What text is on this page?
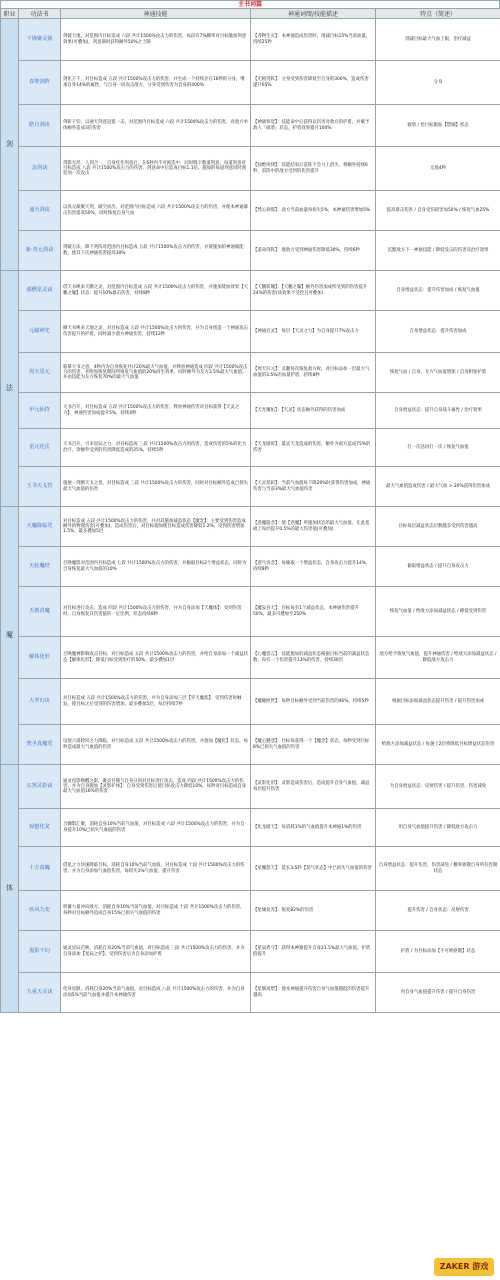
主书词篇
职业	功法书	神通技能	神通词缀/技能描述	特点（简述）
剑	千锋聚灵剑	剑破天地，对范围内目标造成 六段 共计1500%攻击力的伤害，每段有7%概率对目标施加剑意效果(可叠加)，剑意满时获得额外50%之上限	【齐物生灭】：本神通造成伤害时，削减目标15%当前血量，持续25秒	削减目标最大气血上限，治疗减益
	春黎剑阵	剑化万千，对目标造成 五段 共计1500%攻击力的伤害，并生成一个持续存在16秒的分身，继承自身14%的属性，与自身一同攻击敌方，分身受到伤害为自身的400%	【无极剑阵】：分身受到伤害降低至自身的300%，造成伤害提升65%	分身
	皓月剑诀	剑斩干钧，以通天剑意冠冕一击。对范围内目标造成 六段 共计1500%攻击力的伤害，对敌方单体额外造成3倍伤害	【神通惊觉】：技能命中后获得以伤害对敌方的护盾，并赋予敌人「破盾」状态，护盾效果提升100%	破盾 / 恰目标施加【禁锢】状态
	念剑诀	剑影无形，人剑合一，自身化作剑意后，在6秒内不可被选中，同时降下数道剑意，每道剑意对目标造成 八段 共计1500%攻击力的伤害，剑意命中后造成目标1.1倍。施加的每道剑意同时刻追加一次攻击	【仙绝风律】：技能结束后雷阵不会马上消失，将额外持续6秒，雷阵中的敌方受到的伤害提升	无敌4秒
	通天剑诀	以真元凝聚天剑，破空而出，对范围内目标造成 六段 共计1500%攻击力的伤害，并使本神通暴击伤害提高50%，同时恢复自身气血	【梵心刹那】：敌方当前血量每损失5%，本神通伤害增加5%	提高暴击伤害 / 自身受伤损害加50% / 恢复气血25%
	新·青元剑诀	剑破万法，降下剑阵对范围内目标造成 五段 共计1500%攻击力的伤害，并使施加的神通储能数，使其下次神通伤害提高30%	【道命剑阵】：使敌方受到神通伤害降低30%，持续6秒	沉默敌方下一神通技能 / 降低受击的伤害及治疗效果
法	惑燃星灵诀	借天书唤来天鹏之灵，对范围内目标造成 五段 共计1500%攻击力的伤害，并施加焚血效果【天鹏之喙】状态：提升10%暴击伤害，持续8秒	【天鹏斩魄】：【天鹏之喙】额外伤害加成所受到的伤害提升24%的伤害(该效果不受控且可叠加)	自身增益状态：提升伤害加成 / 恢复气血值
	元磁神光	操天书唤来天地之灵，对目标造成 五段 共计1500%攻击力的伤害，并为自身创造一个神通攻击伤害提升的护盾，同时减少敌方神通伤害，持续12秒	【神通启灵】：每层【天灵之力】为自身提升7%攻击力	自身增益状态：提升伤害加成
	周天星元	临摹天书之意，4秒内为自身恢复共计20%最大气血值，并释放神通造成 四段 共计1500%攻击力的伤害，并附加恢复期间所恢复气血值的20%回生效果，同时额外为友方3.5%最大气血值。并由技能为友方恢复70%的最大气血值	【周天归元】：灵翻每次恢复敌方时，对目标添加一层最大气血值的3.5%的血量护盾，持续8秒	恢复气血 / 自身、友方气血值增加 / 自身附加护盾
	甲元仙符	天书召开，对目标造成 五段 共计1500%攻击力的伤害，释放神通伤害对目标获得【天灵之力】，神通伤害加成提升5%，持续4秒	【天光覆佑】：【天灵】状态额外获得的伤害加成	自身增益状态：提升自身战斗属性 / 治疗效果
	星元化岳	天书召开，引来星辰之力，对目标造成 三段 共计1500%攻击力的伤害，造成伤害的5%转化为治疗，余额外受到的伤害降低造成的25%，持续5秒	【天龙破碎】：最灵天龙造成的伤害，额外为敌方造成75%的伤害	打一次送再打一次 / 恢复气血值
	玉书天戈符	施展一剑断天戈之意，对目标造成 三段 共计1500%攻击力的伤害，同时对目标额外造成已损失最大气血值的伤害	【天灵怒斩】：当前气血值每下降20%时获得伤害加成，神通伤害与当前3%最大气血值伤害	最大气血值造成伤害 / 最大气血 > 20%获得伤害加成
魔	天魔降临咒	对目标造成 五段 共计1500%攻击力的伤害，并对其施加减益状态【魔念】：主要受到伤害造成额外的物理伤害(可叠加)，造成伤害后，对目标施加使目标造成伤害降低1.2%，受到伤害增加1.5%，最多叠加5层	【惑魔隐念】：使【惑魔】所施加状态的最大气血值，在此基础上每层提升0.5%的最大伤害值(可叠加)	目标每层减益状态层数越多受到伤害越高
	天轮魔经	召唤魔影对范围内目标造成 七段 共计1500%攻击力的伤害，并偷取目标2个增益状态，同时为自身恢复最大气血值的10%	【惑气吞念】：每偷取一个增益状态，自身攻击力提升14%，持续8秒	偷取增益状态 / 提升自身攻击力
	天刹真魔	对目标进行攻击，造成 四段 共计1500%攻击力的伤害，并为自身添加【天魔体】：受到伤害时，自身恢复其伤害值的一定比例，状态持续8秒	【魔妄吞天】：目标每有1个减益状态，本神通伤害提升50%，最多可叠加至250%	恢复气血值 / 给敌方添加减益状态 / 降低受到伤害
	解体化形	召唤魔神影响攻击目标，对目标造成 五段 共计1500%攻击力的伤害，并给自身添加一个减益状态【解体化形】，降低目标受到治疗的50%，最多叠加1层	【心魔惑言】：技能施加的减益状态根据目标当前的减益状态数，每有一个伤害提升13%的伤害，持续30层	敌方给予恢复气血值，提升神通伤害 / 给敌方添加减益状态 / 降低敌方攻击力
	大罗幻诀	对目标造成 五段 共计1500%攻击力的伤害，并为自身添加三层【罗天魔焰】：受到伤害时触发，使目标之后受到的伤害增加，最多叠加5层，每层持续7秒	【魔瞳照世】：每秒目标额外受到当前伤害的46%，持续5秒	根据目标添加减益状态提升伤害 / 提升伤害加成
	梵圣真魔咒	设使六道轮回之力降临，对目标造成 五段 共计1500%攻击力的伤害，并施加【魔化】状态，每秒造成最大气血值的伤害	【魔心魅惑】：目标每获得一个【魔念】状态，每秒受到目标8%已损失气血值的伤害	给敌方添加减益状态 / 每盏上2层将降低目标增益状态伤害
体	玄煞灵影诀	通灵夜影唤醒之影，聚灵目随与自身分别对目标进行攻击，造成 四段 共计1500%攻击力的伤害，并为自身施加【灵影护体】：自身受到伤害后使目标攻击力降低10%，每秒对目标造成自身最大气血值16%的伤害	【灵影化形】：灵影造成伤害后，造成提升自身气血值，减益每层提升伤害	为自身增益状态：反射伤害 / 提升伤害，伤害减免
	惊蛰化龙	合骤影汇聚，消耗自身10%当前气血值，对目标造成 六段 共计1500%攻击力的伤害，并为自身提升10%已损失气血值的伤害	【化龙破天】：每消耗1%的气血值提升本神通1%的伤害	用自身气血值提升伤害 / 降低敌方攻击力
	十方真魄	借星之力快速降临目标，消耗自身10%当前气血值，对目标造成 十段 共计1500%攻击力的伤害，并为自身添加气血值伤害，每损失1%气血值，提升伤害	【星魄怒天】：延长3.5秒【怒气状态】中已损失气血值的伤害	自身增益状态：提升伤害，伤害减免 / 概率驱散自身所有控制状态
	疾风九变	积蓄力量冲向敌方，消耗自身10%当前气血值，对目标造成 十段 共计1500%攻击力的伤害，每秒对目标额外造成自身15%已损失气血值的伤害	【星壤复苏】：恢复82%的伤害	提升伤害 / 自身状态：反射伤害
	混影千幻	通灵星辰召唤，消耗自身20%当前气血值，对目标造成 三段 共计1500%攻击力的伤害，并为自身添加【星辰之护】，受到伤害后为自身添加护盾	【星辰盾守】：获得本神通提升自身21.5%最大气血值、护盾值提升	护盾 / 为目标添加【不可被驱散】状态
	九重天灵诀	化身星骸，消耗自身20%当前气血值，对目标造成 八段 共计1500%攻击力的伤害，并为自身添加5%当前气血值并提升本神通伤害	【星骸再塑】：使本神通提升伤害自身气血值越低的伤害提升越高	用自身气血值提升伤害 / 提升自身伤害
ZAKER 游戏
